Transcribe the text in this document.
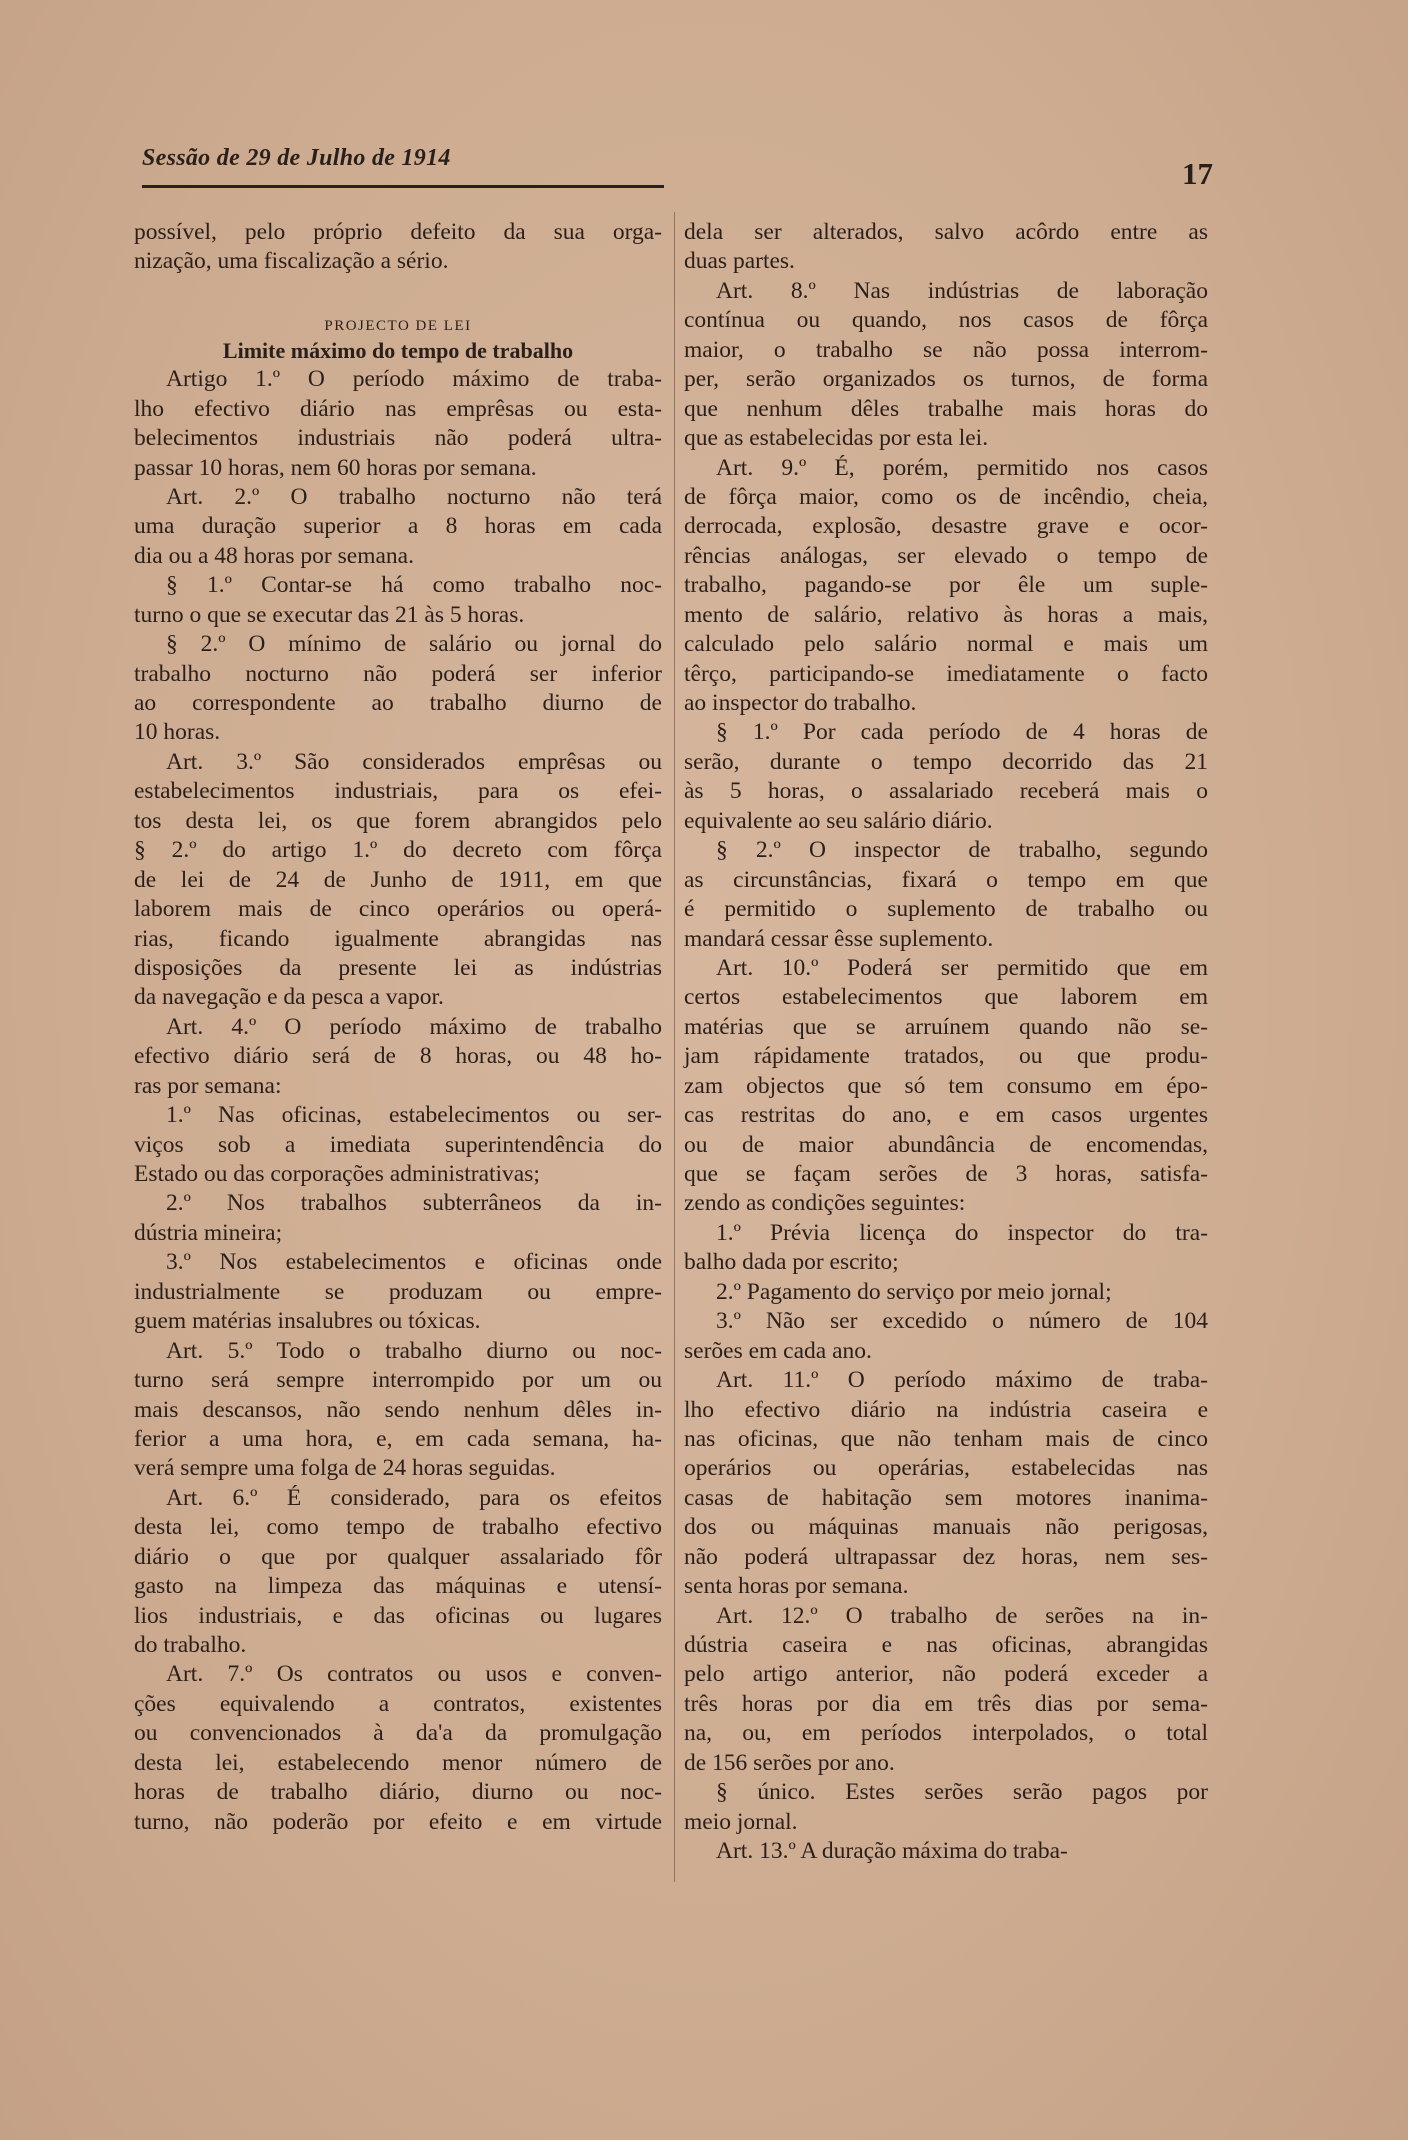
Sessão de 29 de Julho de 1914	17
possível, pelo próprio defeito da sua orga-
nização, uma fiscalização a sério.
PROJECTO DE LEI
Limite máximo do tempo de trabalho
Artigo 1.º O período máximo de traba-
lho efectivo diário nas emprêsas ou esta-
belecimentos industriais não poderá ultra-
passar 10 horas, nem 60 horas por semana.
Art. 2.º O trabalho nocturno não terá
uma duração superior a 8 horas em cada
dia ou a 48 horas por semana.
§ 1.º Contar-se há como trabalho noc-
turno o que se executar das 21 às 5 horas.
§ 2.º O mínimo de salário ou jornal do
trabalho nocturno não poderá ser inferior
ao correspondente ao trabalho diurno de
10 horas.
Art. 3.º São considerados emprêsas ou
estabelecimentos industriais, para os efei-
tos desta lei, os que forem abrangidos pelo
§ 2.º do artigo 1.º do decreto com fôrça
de lei de 24 de Junho de 1911, em que
laborem mais de cinco operários ou operá-
rias, ficando igualmente abrangidas nas
disposições da presente lei as indústrias
da navegação e da pesca a vapor.
Art. 4.º O período máximo de trabalho
efectivo diário será de 8 horas, ou 48 ho-
ras por semana:
1.º Nas oficinas, estabelecimentos ou ser-
viços sob a imediata superintendência do
Estado ou das corporações administrativas;
2.º Nos trabalhos subterrâneos da in-
dústria mineira;
3.º Nos estabelecimentos e oficinas onde
industrialmente se produzam ou empre-
guem matérias insalubres ou tóxicas.
Art. 5.º Todo o trabalho diurno ou noc-
turno será sempre interrompido por um ou
mais descansos, não sendo nenhum dêles in-
ferior a uma hora, e, em cada semana, ha-
verá sempre uma folga de 24 horas seguidas.
Art. 6.º É considerado, para os efeitos
desta lei, como tempo de trabalho efectivo
diário o que por qualquer assalariado fôr
gasto na limpeza das máquinas e utensí-
lios industriais, e das oficinas ou lugares
do trabalho.
Art. 7.º Os contratos ou usos e conven-
ções equivalendo a contratos, existentes
ou convencionados à da'a da promulgação
desta lei, estabelecendo menor número de
horas de trabalho diário, diurno ou noc-
turno, não poderão por efeito e em virtude
dela ser alterados, salvo acôrdo entre as
duas partes.
Art. 8.º Nas indústrias de laboração
contínua ou quando, nos casos de fôrça
maior, o trabalho se não possa interrom-
per, serão organizados os turnos, de forma
que nenhum dêles trabalhe mais horas do
que as estabelecidas por esta lei.
Art. 9.º É, porém, permitido nos casos
de fôrça maior, como os de incêndio, cheia,
derrocada, explosão, desastre grave e ocor-
rências análogas, ser elevado o tempo de
trabalho, pagando-se por êle um suple-
mento de salário, relativo às horas a mais,
calculado pelo salário normal e mais um
têrço, participando-se imediatamente o facto
ao inspector do trabalho.
§ 1.º Por cada período de 4 horas de
serão, durante o tempo decorrido das 21
às 5 horas, o assalariado receberá mais o
equivalente ao seu salário diário.
§ 2.º O inspector de trabalho, segundo
as circunstâncias, fixará o tempo em que
é permitido o suplemento de trabalho ou
mandará cessar êsse suplemento.
Art. 10.º Poderá ser permitido que em
certos estabelecimentos que laborem em
matérias que se arruínem quando não se-
jam rápidamente tratados, ou que produ-
zam objectos que só tem consumo em épo-
cas restritas do ano, e em casos urgentes
ou de maior abundância de encomendas,
que se façam serões de 3 horas, satisfa-
zendo as condições seguintes:
1.º Prévia licença do inspector do tra-
balho dada por escrito;
2.º Pagamento do serviço por meio jornal;
3.º Não ser excedido o número de 104
serões em cada ano.
Art. 11.º O período máximo de traba-
lho efectivo diário na indústria caseira e
nas oficinas, que não tenham mais de cinco
operários ou operárias, estabelecidas nas
casas de habitação sem motores inanima-
dos ou máquinas manuais não perigosas,
não poderá ultrapassar dez horas, nem ses-
senta horas por semana.
Art. 12.º O trabalho de serões na in-
dústria caseira e nas oficinas, abrangidas
pelo artigo anterior, não poderá exceder a
três horas por dia em três dias por sema-
na, ou, em períodos interpolados, o total
de 156 serões por ano.
§ único. Estes serões serão pagos por
meio jornal.
Art. 13.º A duração máxima do traba-
